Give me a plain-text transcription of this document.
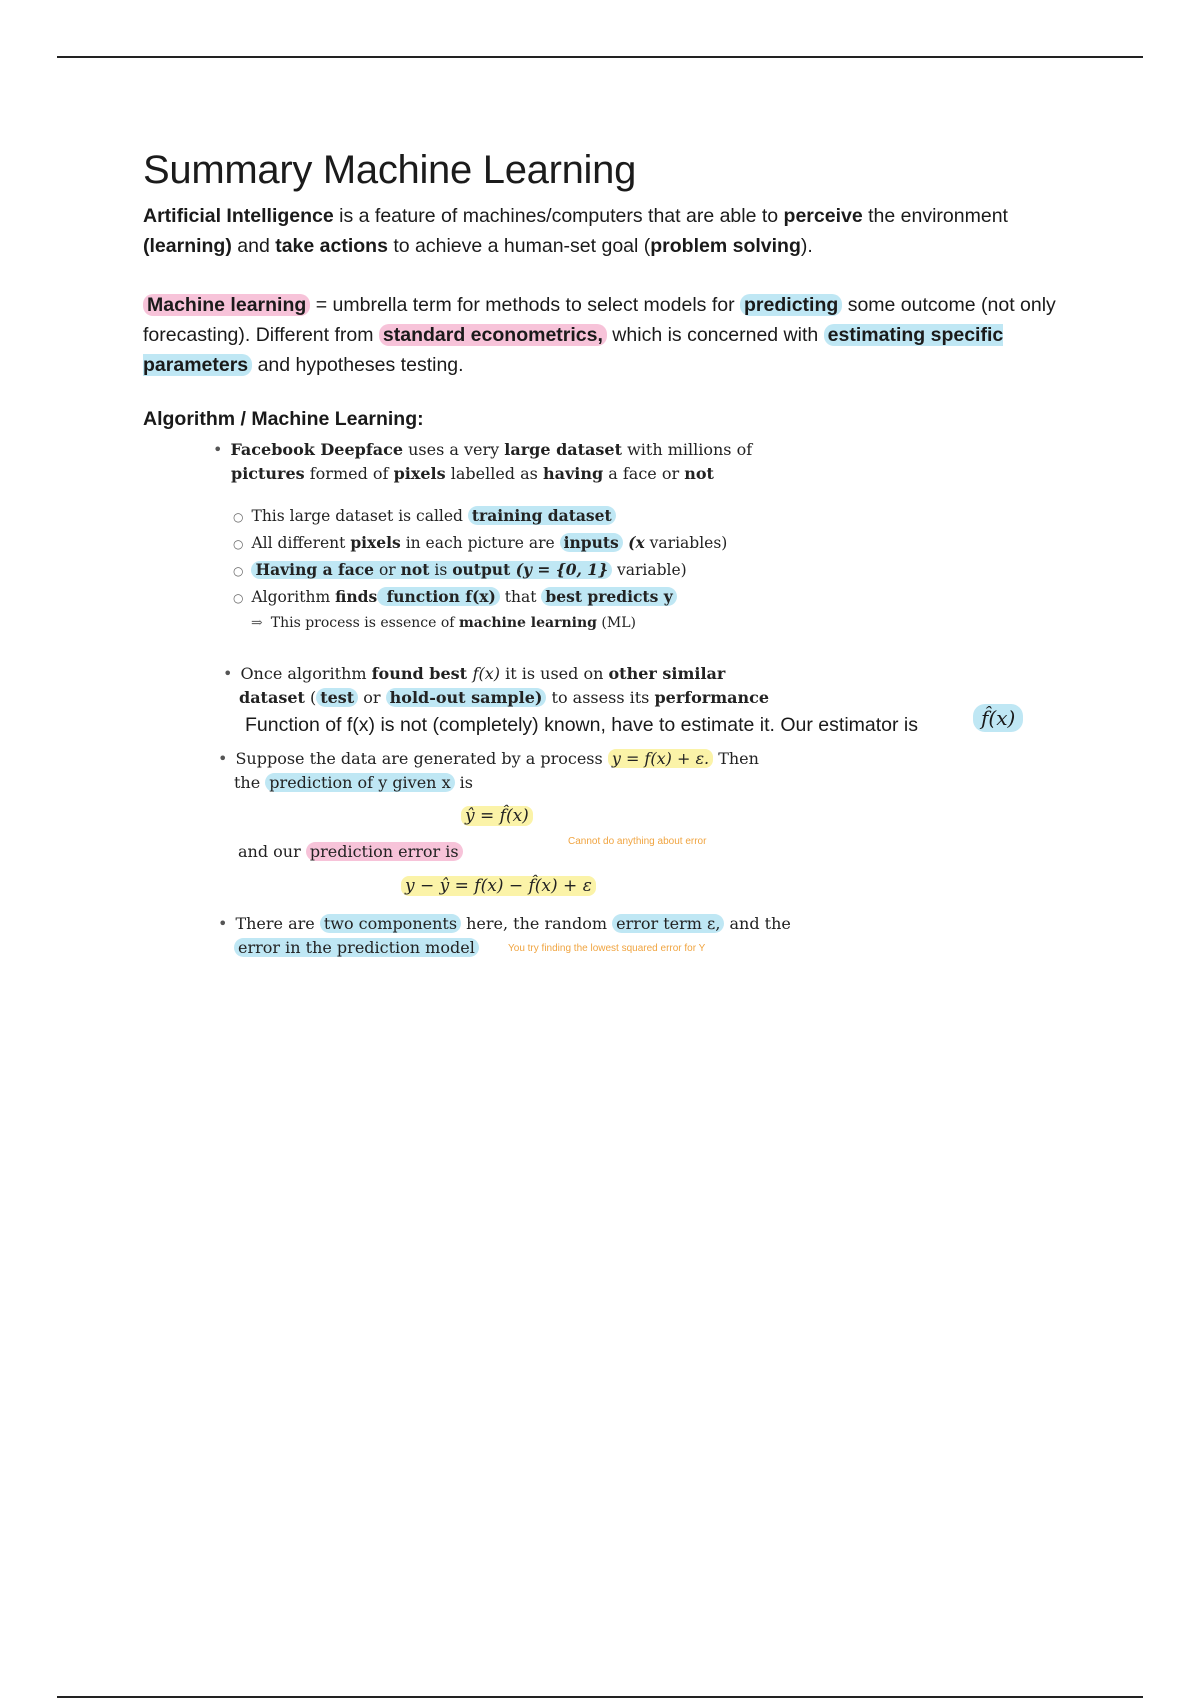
Summary Machine Learning
Artificial Intelligence is a feature of machines/computers that are able to perceive the environment (learning) and take actions to achieve a human-set goal (problem solving).
Machine learning = umbrella term for methods to select models for predicting some outcome (not only forecasting). Different from standard econometrics, which is concerned with estimating specific parameters and hypotheses testing.
Algorithm / Machine Learning:
• Facebook Deepface uses a very large dataset with millions of
pictures formed of pixels labelled as having a face or not
○ This large dataset is called training dataset
○ All different pixels in each picture are inputs (x variables)
○ Having a face or not is output (y = {0, 1} variable)
○ Algorithm finds function f(x) that best predicts y
⇒ This process is essence of machine learning (ML)
• Once algorithm found best f(x) it is used on other similar
dataset ( test or hold-out sample) to assess its performance
Function of f(x) is not (completely) known, have to estimate it. Our estimator is	f̂(x)
• Suppose the data are generated by a process y = f(x) + ε. Then
the prediction of y given x is
ŷ = f̂(x)
and our prediction error is
Cannot do anything about error
y − ŷ = f(x) − f̂(x) + ε
• There are two components here, the random error term ε, and the
error in the prediction model	You try finding the lowest squared error for Y
